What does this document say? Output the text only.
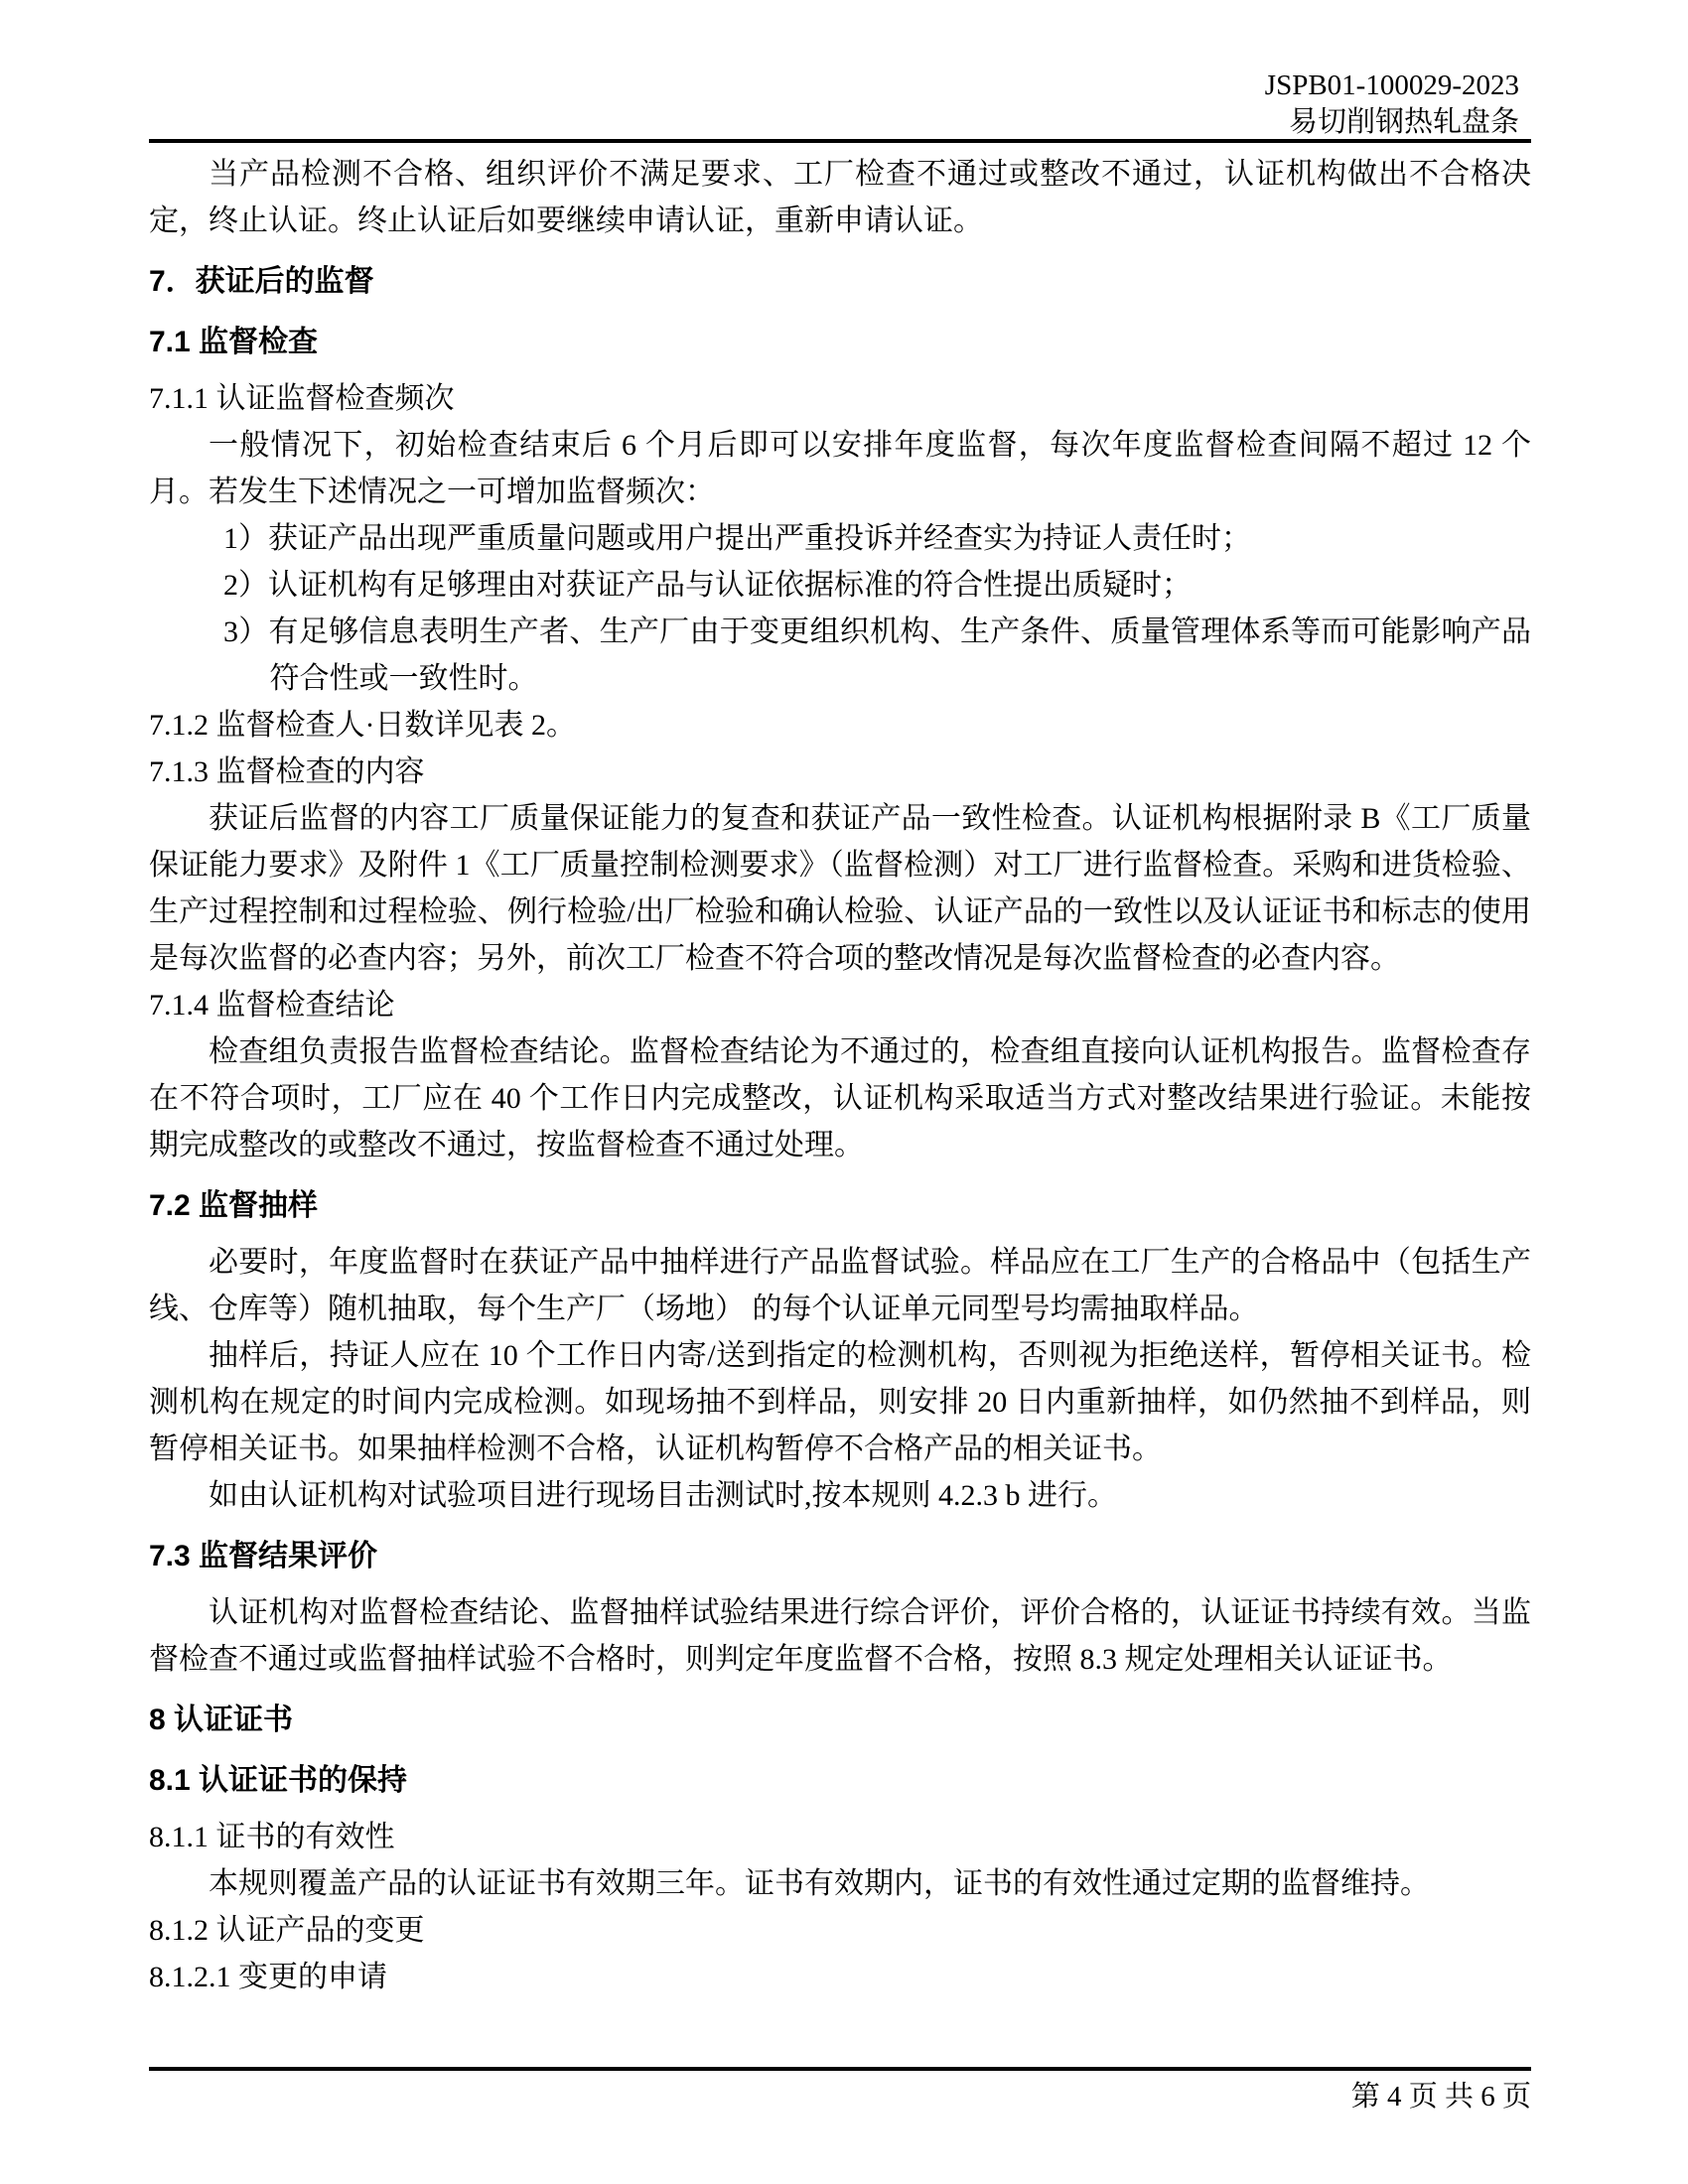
JSPB01-100029-2023
易切削钢热轧盘条

当产品检测不合格、组织评价不满足要求、工厂检查不通过或整改不通过，认证机构做出不合格决定，终止认证。终止认证后如要继续申请认证，重新申请认证。

7．获证后的监督

7.1 监督检查

7.1.1 认证监督检查频次

一般情况下，初始检查结束后 6 个月后即可以安排年度监督，每次年度监督检查间隔不超过 12 个月。若发生下述情况之一可增加监督频次：

1）获证产品出现严重质量问题或用户提出严重投诉并经查实为持证人责任时；

2）认证机构有足够理由对获证产品与认证依据标准的符合性提出质疑时；

3）有足够信息表明生产者、生产厂由于变更组织机构、生产条件、质量管理体系等而可能影响产品符合性或一致性时。

7.1.2 监督检查人·日数详见表 2。

7.1.3 监督检查的内容

获证后监督的内容工厂质量保证能力的复查和获证产品一致性检查。认证机构根据附录 B《工厂质量保证能力要求》及附件 1《工厂质量控制检测要求》（监督检测）对工厂进行监督检查。采购和进货检验、生产过程控制和过程检验、例行检验/出厂检验和确认检验、认证产品的一致性以及认证证书和标志的使用是每次监督的必查内容；另外，前次工厂检查不符合项的整改情况是每次监督检查的必查内容。

7.1.4 监督检查结论

检查组负责报告监督检查结论。监督检查结论为不通过的，检查组直接向认证机构报告。监督检查存在不符合项时，工厂应在 40 个工作日内完成整改，认证机构采取适当方式对整改结果进行验证。未能按期完成整改的或整改不通过，按监督检查不通过处理。

7.2 监督抽样

必要时，年度监督时在获证产品中抽样进行产品监督试验。样品应在工厂生产的合格品中（包括生产线、仓库等）随机抽取，每个生产厂（场地） 的每个认证单元同型号均需抽取样品。

抽样后，持证人应在 10 个工作日内寄/送到指定的检测机构，否则视为拒绝送样，暂停相关证书。检测机构在规定的时间内完成检测。如现场抽不到样品，则安排 20 日内重新抽样，如仍然抽不到样品，则暂停相关证书。如果抽样检测不合格，认证机构暂停不合格产品的相关证书。

如由认证机构对试验项目进行现场目击测试时,按本规则 4.2.3 b 进行。

7.3 监督结果评价

认证机构对监督检查结论、监督抽样试验结果进行综合评价，评价合格的，认证证书持续有效。当监督检查不通过或监督抽样试验不合格时，则判定年度监督不合格，按照 8.3 规定处理相关认证证书。

8 认证证书

8.1 认证证书的保持

8.1.1 证书的有效性

本规则覆盖产品的认证证书有效期三年。证书有效期内，证书的有效性通过定期的监督维持。

8.1.2 认证产品的变更

8.1.2.1 变更的申请

第 4 页 共 6 页
